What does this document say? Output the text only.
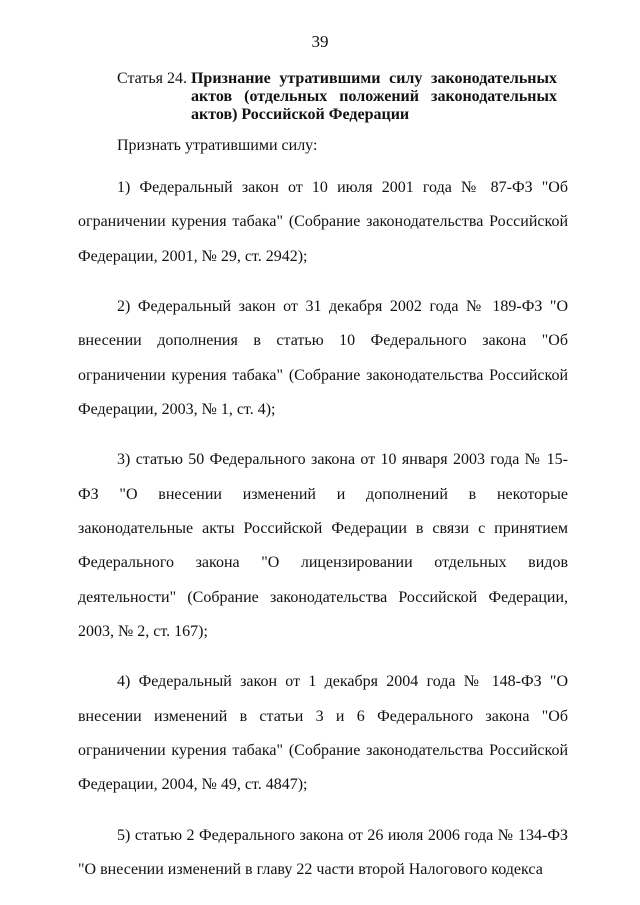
39
Статья 24. Признание утратившими силу законодательных актов (отдельных положений законодательных актов) Российской Федерации
Признать утратившими силу:

1) Федеральный закон от 10 июля 2001 года № 87-ФЗ "Об ограничении курения табака" (Собрание законодательства Российской Федерации, 2001, № 29, ст. 2942);

2) Федеральный закон от 31 декабря 2002 года № 189-ФЗ "О внесении дополнения в статью 10 Федерального закона "Об ограничении курения табака" (Собрание законодательства Российской Федерации, 2003, № 1, ст. 4);

3) статью 50 Федерального закона от 10 января 2003 года № 15-ФЗ "О внесении изменений и дополнений в некоторые законодательные акты Российской Федерации в связи с принятием Федерального закона "О лицензировании отдельных видов деятельности" (Собрание законодательства Российской Федерации, 2003, № 2, ст. 167);

4) Федеральный закон от 1 декабря 2004 года № 148-ФЗ "О внесении изменений в статьи 3 и 6 Федерального закона "Об ограничении курения табака" (Собрание законодательства Российской Федерации, 2004, № 49, ст. 4847);

5) статью 2 Федерального закона от 26 июля 2006 года № 134-ФЗ "О внесении изменений в главу 22 части второй Налогового кодекса
